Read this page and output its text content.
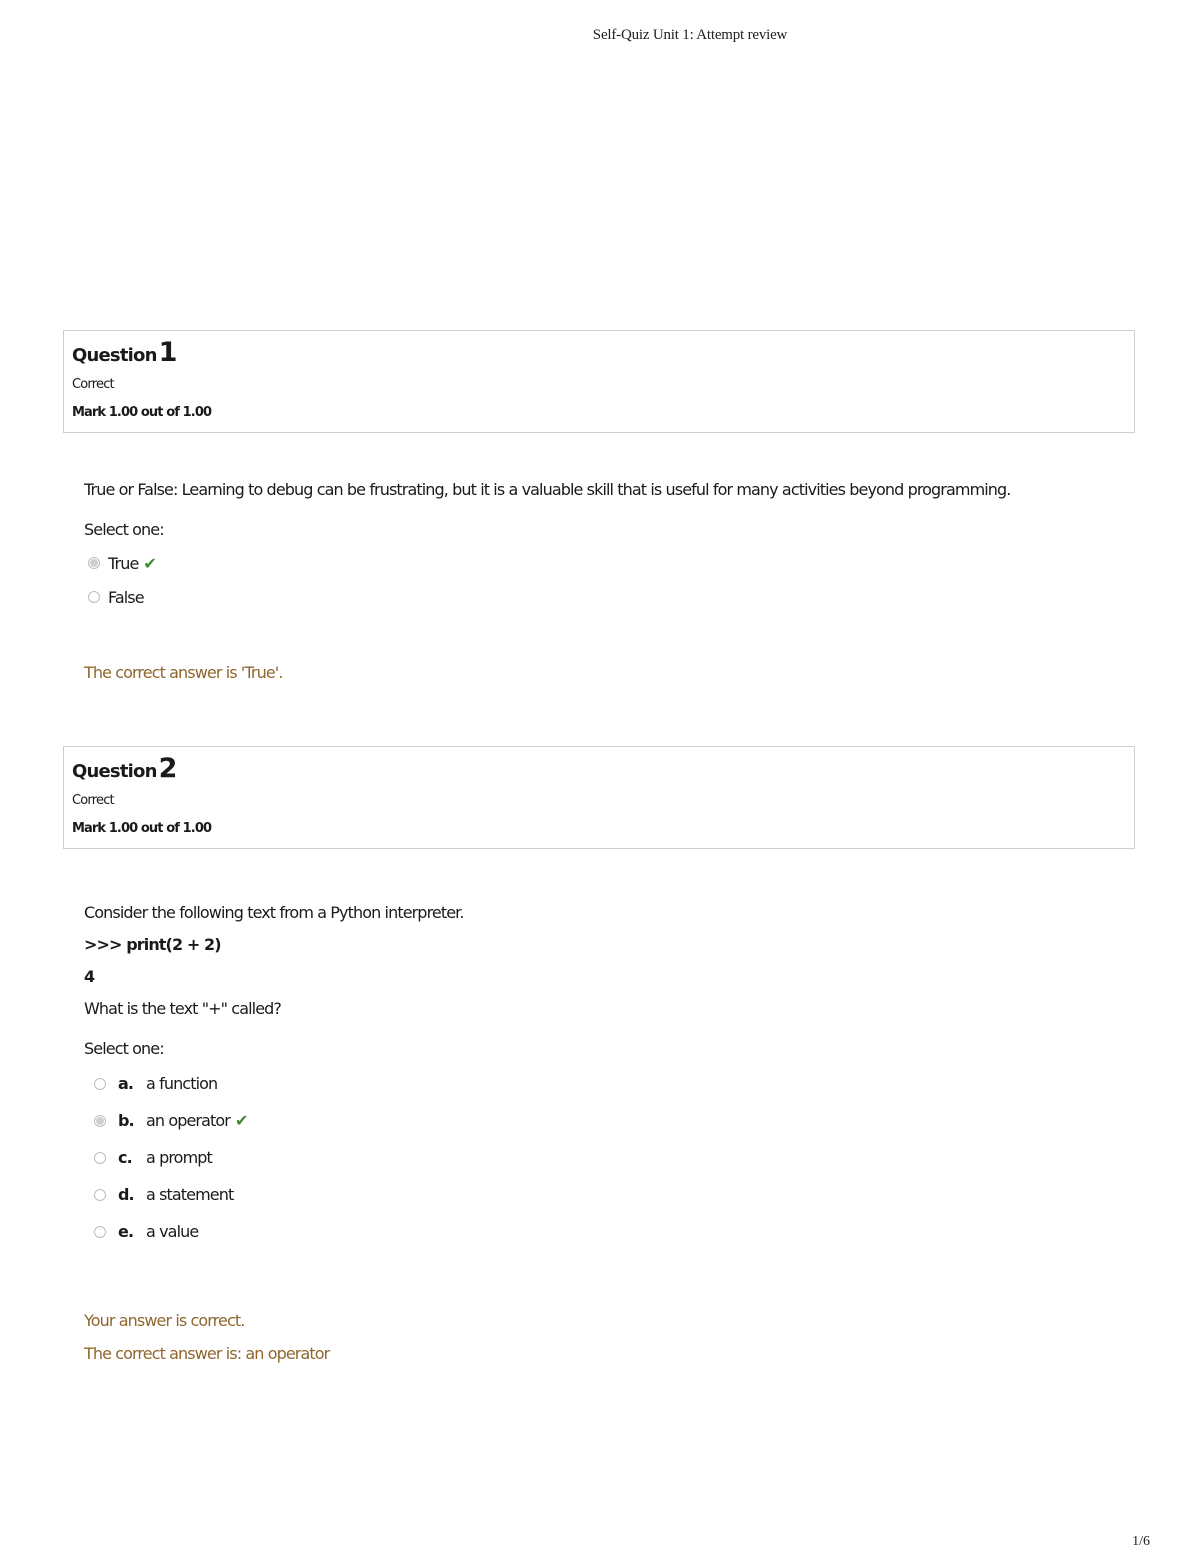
Self-Quiz Unit 1: Attempt review
Question1
Correct
Mark 1.00 out of 1.00

True or False: Learning to debug can be frustrating, but it is a valuable skill that is useful for many activities beyond programming.

Select one:
True ✔
False
The correct answer is 'True'.
Question2
Correct
Mark 1.00 out of 1.00

Consider the following text from a Python interpreter.

>>> print(2 + 2)

4

What is the text "+" called?

Select one:
a. a function
b. an operator ✔
c. a prompt
d. a statement
e. a value
Your answer is correct.
The correct answer is: an operator
1/6
